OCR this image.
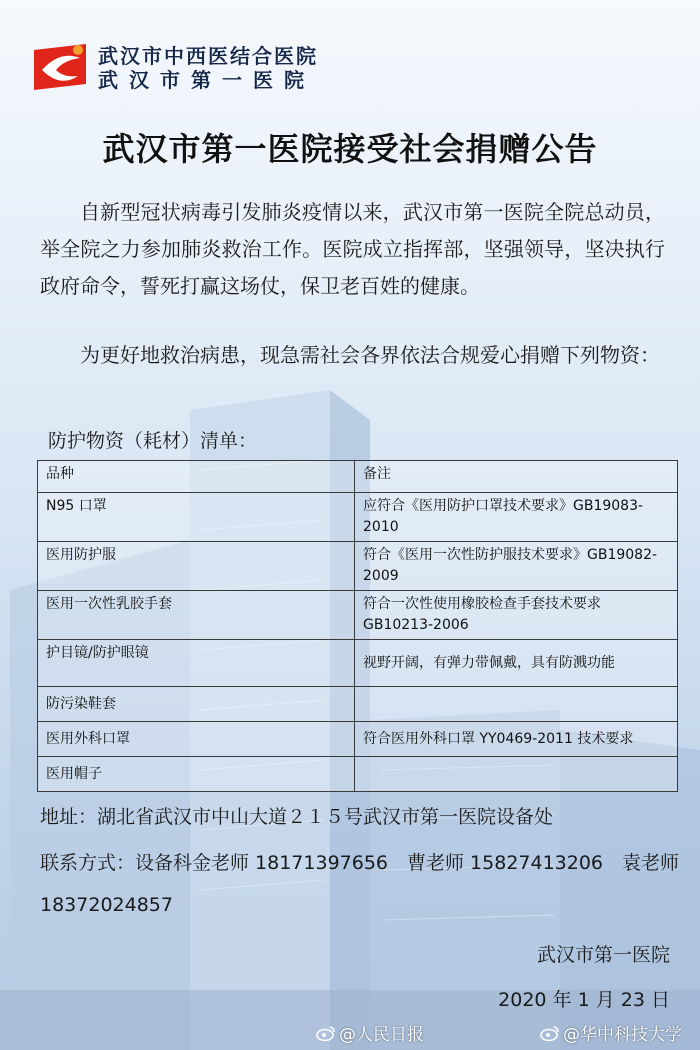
武汉市中西医结合医院
武汉市第一医院
武汉市第一医院接受社会捐赠公告
自新型冠状病毒引发肺炎疫情以来，武汉市第一医院全院总动员，举全院之力参加肺炎救治工作。医院成立指挥部，坚强领导，坚决执行政府命令，誓死打赢这场仗，保卫老百姓的健康。
为更好地救治病患，现急需社会各界依法合规爱心捐赠下列物资：
防护物资（耗材）清单：
品种	备注
N95 口罩	应符合《医用防护口罩技术要求》GB19083-2010
医用防护服	符合《医用一次性防护服技术要求》GB19082-2009
医用一次性乳胶手套	符合一次性使用橡胶检查手套技术要求 GB10213-2006
护目镜/防护眼镜	视野开阔，有弹力带佩戴，具有防溅功能
防污染鞋套	
医用外科口罩	符合医用外科口罩 YY0469-2011 技术要求
医用帽子	
地址：湖北省武汉市中山大道２１５号武汉市第一医院设备处
联系方式：设备科金老师 18171397656　曹老师 15827413206　袁老师
18372024857
武汉市第一医院
2020 年 1 月 23 日
@人民日报	@华中科技大学
